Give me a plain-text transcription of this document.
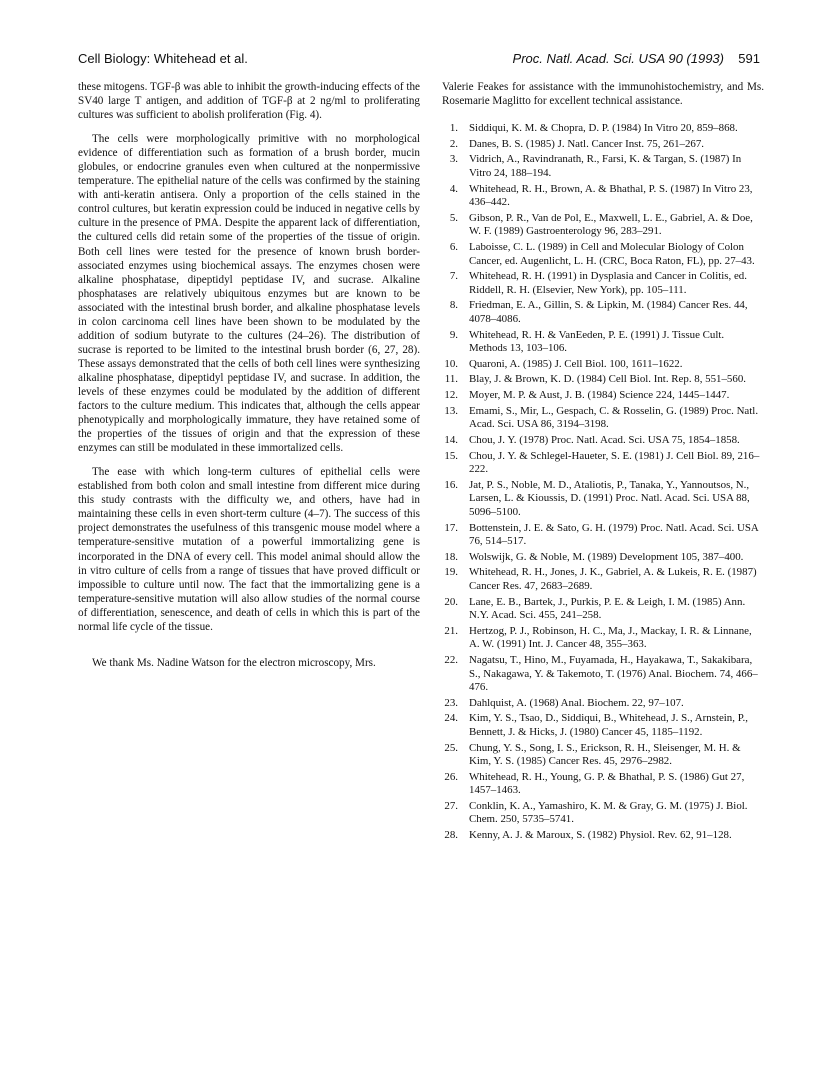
Cell Biology: Whitehead et al.	Proc. Natl. Acad. Sci. USA 90 (1993) 591

these mitogens. TGF-β was able to inhibit the growth-inducing effects of the SV40 large T antigen, and addition of TGF-β at 2 ng/ml to proliferating cultures was sufficient to abolish proliferation (Fig. 4).

The cells were morphologically primitive with no morphological evidence of differentiation such as formation of a brush border, mucin globules, or endocrine granules even when cultured at the nonpermissive temperature. The epithelial nature of the cells was confirmed by the staining with anti-keratin antisera. Only a proportion of the cells stained in the control cultures, but keratin expression could be induced in negative cells by culture in the presence of PMA. Despite the apparent lack of differentiation, the cultured cells did retain some of the properties of the tissue of origin. Both cell lines were tested for the presence of known brush border-associated enzymes using biochemical assays. The enzymes chosen were alkaline phosphatase, dipeptidyl peptidase IV, and sucrase. Alkaline phosphatases are relatively ubiquitous enzymes but are known to be associated with the intestinal brush border, and alkaline phosphatase levels in colon carcinoma cell lines have been shown to be modulated by the addition of sodium butyrate to the cultures (24–26). The distribution of sucrase is reported to be limited to the intestinal brush border (6, 27, 28). These assays demonstrated that the cells of both cell lines were synthesizing alkaline phosphatase, dipeptidyl peptidase IV, and sucrase. In addition, the levels of these enzymes could be modulated by the addition of different factors to the culture medium. This indicates that, although the cells appear phenotypically and morphologically immature, they have retained some of the properties of the tissues of origin and that the expression of these enzymes can still be modulated in these immortalized cells.

The ease with which long-term cultures of epithelial cells were established from both colon and small intestine from different mice during this study contrasts with the difficulty we, and others, have had in maintaining these cells in even short-term culture (4–7). The success of this project demonstrates the usefulness of this transgenic mouse model where a temperature-sensitive mutation of a powerful immortalizing gene is incorporated in the DNA of every cell. This model animal should allow the in vitro culture of cells from a range of tissues that have proved difficult or impossible to culture until now. The fact that the immortalizing gene is a temperature-sensitive mutation will also allow studies of the normal course of differentiation, senescence, and death of cells in which this is part of the normal life cycle of the tissue.

We thank Ms. Nadine Watson for the electron microscopy, Mrs.

Valerie Feakes for assistance with the immunohistochemistry, and Ms. Rosemarie Maglitto for excellent technical assistance.

1. Siddiqui, K. M. & Chopra, D. P. (1984) In Vitro 20, 859–868.
2. Danes, B. S. (1985) J. Natl. Cancer Inst. 75, 261–267.
3. Vidrich, A., Ravindranath, R., Farsi, K. & Targan, S. (1987) In Vitro 24, 188–194.
4. Whitehead, R. H., Brown, A. & Bhathal, P. S. (1987) In Vitro 23, 436–442.
5. Gibson, P. R., Van de Pol, E., Maxwell, L. E., Gabriel, A. & Doe, W. F. (1989) Gastroenterology 96, 283–291.
6. Laboisse, C. L. (1989) in Cell and Molecular Biology of Colon Cancer, ed. Augenlicht, L. H. (CRC, Boca Raton, FL), pp. 27–43.
7. Whitehead, R. H. (1991) in Dysplasia and Cancer in Colitis, ed. Riddell, R. H. (Elsevier, New York), pp. 105–111.
8. Friedman, E. A., Gillin, S. & Lipkin, M. (1984) Cancer Res. 44, 4078–4086.
9. Whitehead, R. H. & VanEeden, P. E. (1991) J. Tissue Cult. Methods 13, 103–106.
10. Quaroni, A. (1985) J. Cell Biol. 100, 1611–1622.
11. Blay, J. & Brown, K. D. (1984) Cell Biol. Int. Rep. 8, 551–560.
12. Moyer, M. P. & Aust, J. B. (1984) Science 224, 1445–1447.
13. Emami, S., Mir, L., Gespach, C. & Rosselin, G. (1989) Proc. Natl. Acad. Sci. USA 86, 3194–3198.
14. Chou, J. Y. (1978) Proc. Natl. Acad. Sci. USA 75, 1854–1858.
15. Chou, J. Y. & Schlegel-Haueter, S. E. (1981) J. Cell Biol. 89, 216–222.
16. Jat, P. S., Noble, M. D., Ataliotis, P., Tanaka, Y., Yannoutsos, N., Larsen, L. & Kioussis, D. (1991) Proc. Natl. Acad. Sci. USA 88, 5096–5100.
17. Bottenstein, J. E. & Sato, G. H. (1979) Proc. Natl. Acad. Sci. USA 76, 514–517.
18. Wolswijk, G. & Noble, M. (1989) Development 105, 387–400.
19. Whitehead, R. H., Jones, J. K., Gabriel, A. & Lukeis, R. E. (1987) Cancer Res. 47, 2683–2689.
20. Lane, E. B., Bartek, J., Purkis, P. E. & Leigh, I. M. (1985) Ann. N.Y. Acad. Sci. 455, 241–258.
21. Hertzog, P. J., Robinson, H. C., Ma, J., Mackay, I. R. & Linnane, A. W. (1991) Int. J. Cancer 48, 355–363.
22. Nagatsu, T., Hino, M., Fuyamada, H., Hayakawa, T., Sakakibara, S., Nakagawa, Y. & Takemoto, T. (1976) Anal. Biochem. 74, 466–476.
23. Dahlquist, A. (1968) Anal. Biochem. 22, 97–107.
24. Kim, Y. S., Tsao, D., Siddiqui, B., Whitehead, J. S., Arnstein, P., Bennett, J. & Hicks, J. (1980) Cancer 45, 1185–1192.
25. Chung, Y. S., Song, I. S., Erickson, R. H., Sleisenger, M. H. & Kim, Y. S. (1985) Cancer Res. 45, 2976–2982.
26. Whitehead, R. H., Young, G. P. & Bhathal, P. S. (1986) Gut 27, 1457–1463.
27. Conklin, K. A., Yamashiro, K. M. & Gray, G. M. (1975) J. Biol. Chem. 250, 5735–5741.
28. Kenny, A. J. & Maroux, S. (1982) Physiol. Rev. 62, 91–128.
